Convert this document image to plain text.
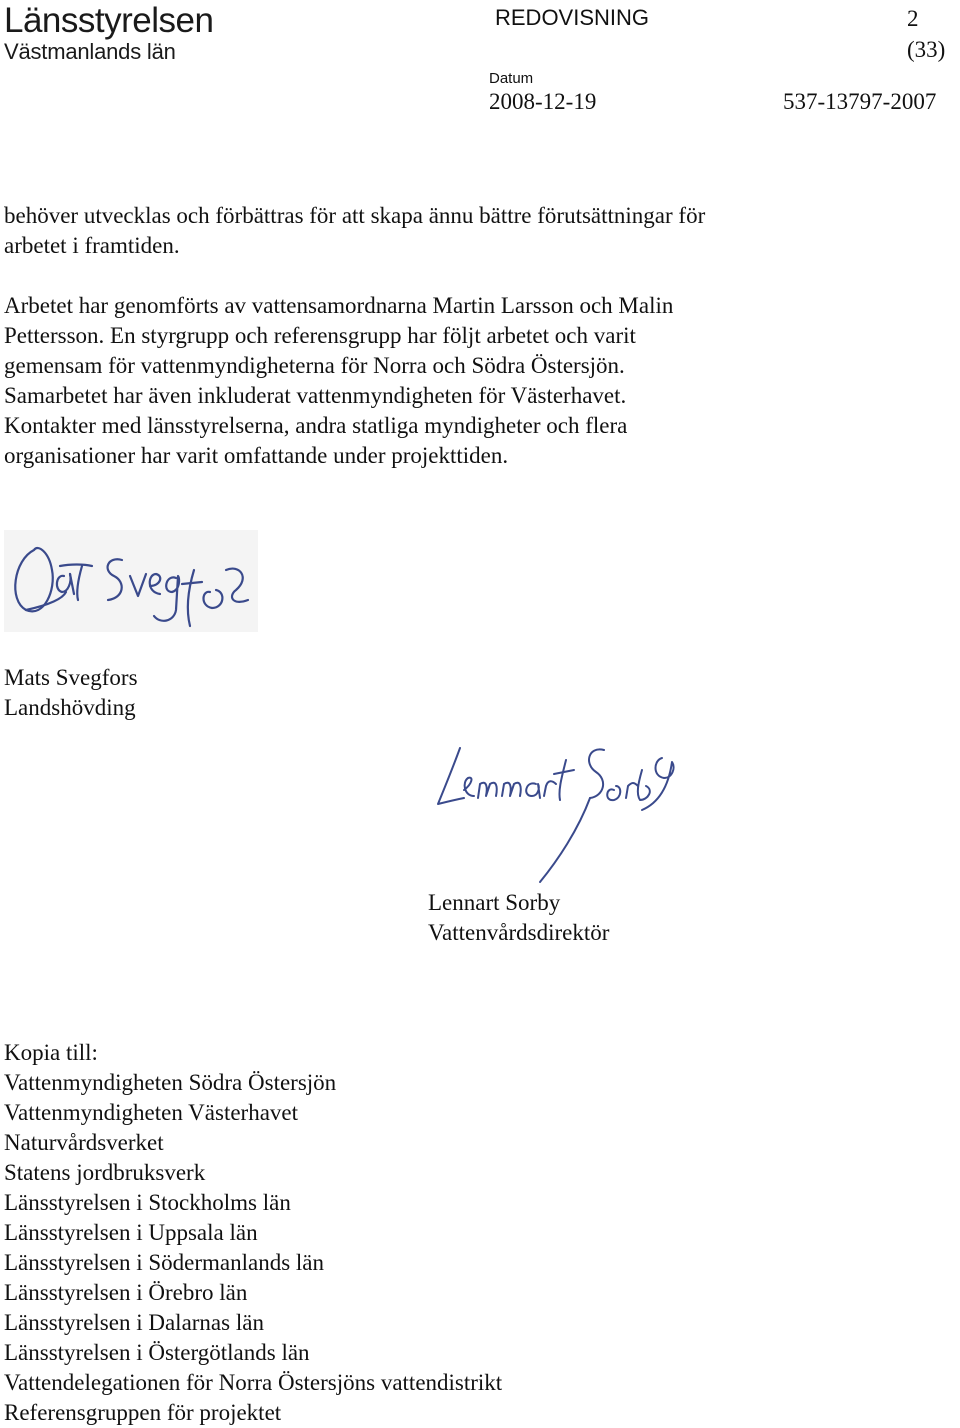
Länsstyrelsen
Västmanlands län
REDOVISNING	2
(33)
Datum
2008-12-19	537-13797-2007
behöver utvecklas och förbättras för att skapa ännu bättre förutsättningar för
arbetet i framtiden.
Arbetet har genomförts av vattensamordnarna Martin Larsson och Malin
Pettersson. En styrgrupp och referensgrupp har följt arbetet och varit
gemensam för vattenmyndigheterna för Norra och Södra Östersjön.
Samarbetet har även inkluderat vattenmyndigheten för Västerhavet.
Kontakter med länsstyrelserna, andra statliga myndigheter och flera
organisationer har varit omfattande under projekttiden.
Mats Svegfors
Landshövding
Lennart Sorby
Vattenvårdsdirektör
Kopia till:
Vattenmyndigheten Södra Östersjön
Vattenmyndigheten Västerhavet
Naturvårdsverket
Statens jordbruksverk
Länsstyrelsen i Stockholms län
Länsstyrelsen i Uppsala län
Länsstyrelsen i Södermanlands län
Länsstyrelsen i Örebro län
Länsstyrelsen i Dalarnas län
Länsstyrelsen i Östergötlands län
Vattendelegationen för Norra Östersjöns vattendistrikt
Referensgruppen för projektet
